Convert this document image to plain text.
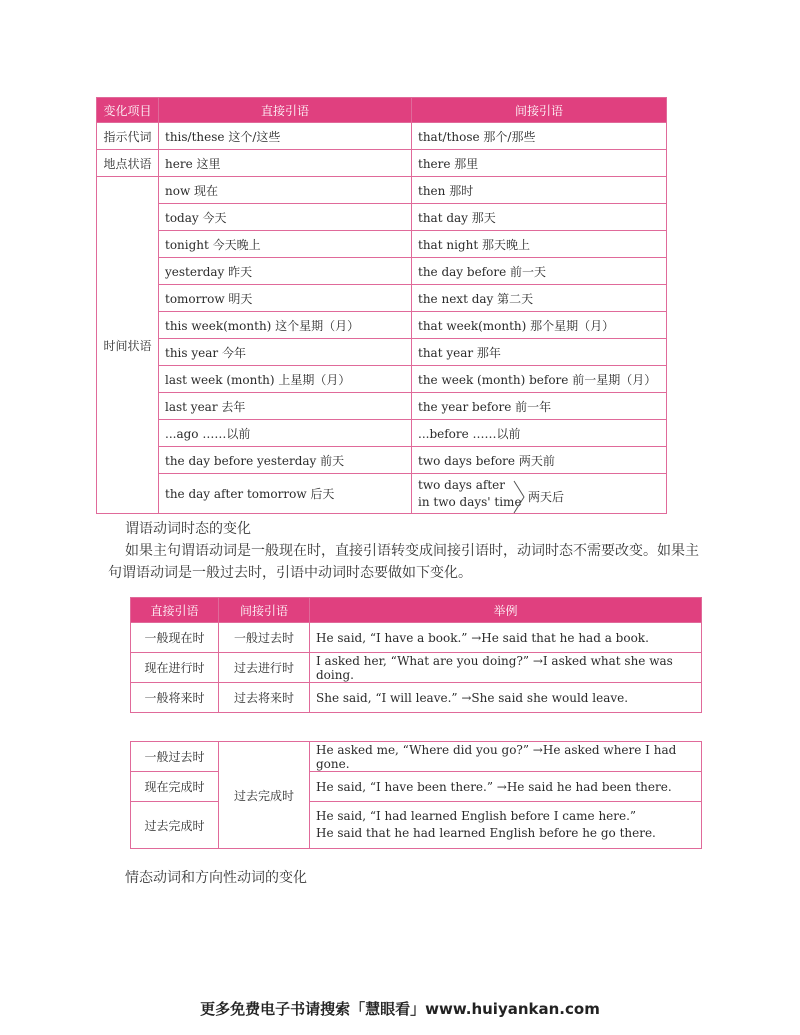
变化项目	直接引语	间接引语
指示代词	this/these 这个/这些	that/those 那个/那些
地点状语	here 这里	there 那里
时间状语	now 现在	then 那时
	today 今天	that day 那天
	tonight 今天晚上	that night 那天晚上
	yesterday 昨天	the day before 前一天
	tomorrow 明天	the next day 第二天
	this week(month) 这个星期（月）	that week(month) 那个星期（月）
	this year 今年	that year 那年
	last week (month) 上星期（月）	the week (month) before 前一星期（月）
	last year 去年	the year before 前一年
	...ago ……以前	...before ……以前
	the day before yesterday 前天	two days before 两天前
	the day after tomorrow 后天	two days after
in two days' time 两天后
谓语动词时态的变化
如果主句谓语动词是一般现在时，直接引语转变成间接引语时，动词时态不需要改变。如果主句谓语动词是一般过去时，引语中动词时态要做如下变化。
直接引语	间接引语	举例
一般现在时	一般过去时	He said, “I have a book.” →He said that he had a book.
现在进行时	过去进行时	I asked her, “What are you doing?” →I asked what she was doing.
一般将来时	过去将来时	She said, “I will leave.” →She said she would leave.
一般过去时	过去完成时	He asked me, “Where did you go?” →He asked where I had gone.
现在完成时		He said, “I have been there.” →He said he had been there.
过去完成时		He said, “I had learned English before I came here.”
He said that he had learned English before he go there.
情态动词和方向性动词的变化
更多免费电子书请搜索「慧眼看」www.huiyankan.com
